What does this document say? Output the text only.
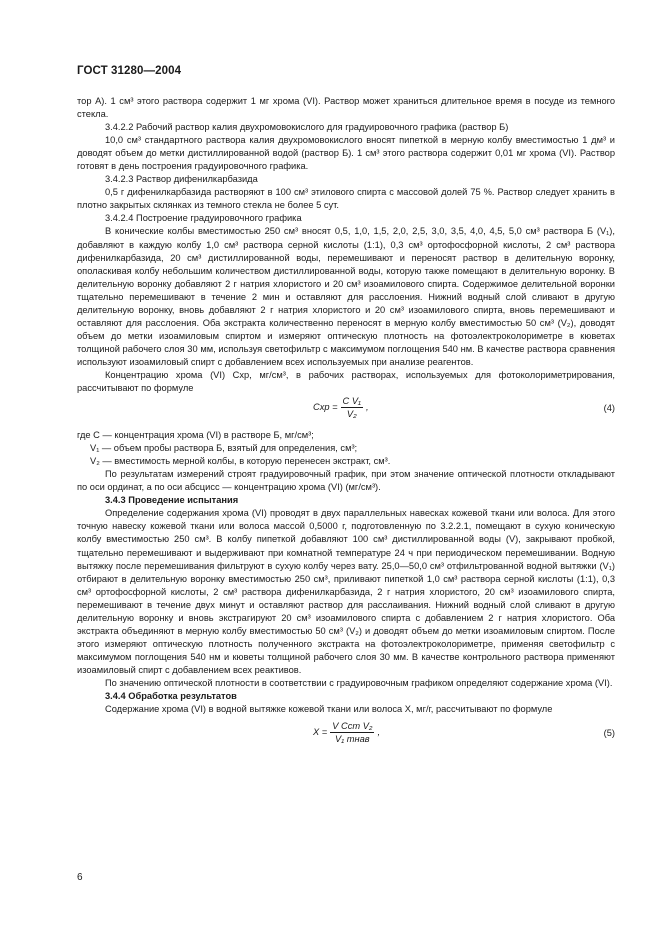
ГОСТ 31280—2004

тор А). 1 см³ этого раствора содержит 1 мг хрома (VI). Раствор может храниться длительное время в посуде из темного стекла.

3.4.2.2 Рабочий раствор калия двухромовокислого для градуировочного графика (раствор Б)

10,0 см³ стандартного раствора калия двухромовокислого вносят пипеткой в мерную колбу вместимостью 1 дм³ и доводят объем до метки дистиллированной водой (раствор Б). 1 см³ этого раствора содержит 0,01 мг хрома (VI). Раствор готовят в день построения градуировочного графика.

3.4.2.3 Раствор дифенилкарбазида

0,5 г дифенилкарбазида растворяют в 100 см³ этилового спирта с массовой долей 75 %. Раствор следует хранить в плотно закрытых склянках из темного стекла не более 5 сут.

3.4.2.4 Построение градуировочного графика

В конические колбы вместимостью 250 см³ вносят 0,5, 1,0, 1,5, 2,0, 2,5, 3,0, 3,5, 4,0, 4,5, 5,0 см³ раствора Б (V₁), добавляют в каждую колбу 1,0 см³ раствора серной кислоты (1:1), 0,3 см³ ортофосфорной кислоты, 2 см³ раствора дифенилкарбазида, 20 см³ дистиллированной воды, перемешивают и переносят раствор в делительную воронку, ополаскивая колбу небольшим количеством дистиллированной воды, которую также помещают в делительную воронку. В делительную воронку добавляют 2 г натрия хлористого и 20 см³ изоамилового спирта. Содержимое делительной воронки тщательно перемешивают в течение 2 мин и оставляют для расслоения. Нижний водный слой сливают в другую делительную воронку, вновь добавляют 2 г натрия хлористого и 20 см³ изоамилового спирта, вновь перемешивают и оставляют для расслоения. Оба экстракта количественно переносят в мерную колбу вместимостью 50 см³ (V₂), доводят объем до метки изоамиловым спиртом и измеряют оптическую плотность на фотоэлектроколориметре в кюветах толщиной рабочего слоя 30 мм, используя светофильтр с максимумом поглощения 540 нм. В качестве раствора сравнения используют изоамиловый спирт с добавлением всех используемых при анализе реагентов.

Концентрацию хрома (VI) Cхр, мг/см³, в рабочих растворах, используемых для фотоколориметрирования, рассчитывают по формуле

Cхр = $\frac{\text{C V₁}}{\text{V₂}}$ ,	(4)

где C — концентрация хрома (VI) в растворе Б, мг/см³;

V₁ — объем пробы раствора Б, взятый для определения, см³;

V₂ — вместимость мерной колбы, в которую перенесен экстракт, см³.

По результатам измерений строят градуировочный график, при этом значение оптической плотности откладывают по оси ординат, а по оси абсцисс — концентрацию хрома (VI) (мг/см³).

3.4.3 Проведение испытания

Определение содержания хрома (VI) проводят в двух параллельных навесках кожевой ткани или волоса. Для этого точную навеску кожевой ткани или волоса массой 0,5000 г, подготовленную по 3.2.2.1, помещают в сухую коническую колбу вместимостью 250 см³. В колбу пипеткой добавляют 100 см³ дистиллированной воды (V), закрывают пробкой, тщательно перемешивают и выдерживают при комнатной температуре 24 ч при периодическом перемешивании. Водную вытяжку после перемешивания фильтруют в сухую колбу через вату. 25,0—50,0 см³ отфильтрованной водной вытяжки (V₁) отбирают в делительную воронку вместимостью 250 см³, приливают пипеткой 1,0 см³ раствора серной кислоты (1:1), 0,3 см³ ортофосфорной кислоты, 2 см³ раствора дифенилкарбазида, 2 г натрия хлористого, 20 см³ изоамилового спирта, перемешивают в течение двух минут и оставляют раствор для расслаивания. Нижний водный слой сливают в другую делительную воронку и вновь экстрагируют 20 см³ изоамилового спирта с добавлением 2 г натрия хлористого. Оба экстракта объединяют в мерную колбу вместимостью 50 см³ (V₂) и доводят объем до метки изоамиловым спиртом. После этого измеряют оптическую плотность полученного экстракта на фотоэлектроколориметре, применяя светофильтр с максимумом поглощения 540 нм и кюветы толщиной рабочего слоя 30 мм. В качестве контрольного раствора применяют изоамиловый спирт с добавлением всех реактивов.

По значению оптической плотности в соответствии с градуировочным графиком определяют содержание хрома (VI).

3.4.4 Обработка результатов

Содержание хрома (VI) в водной вытяжке кожевой ткани или волоса X, мг/г, рассчитывают по формуле

$X = \frac{\text{V Cст V₂}}{\text{V₁ mнав}}$ ,	(5)
6
